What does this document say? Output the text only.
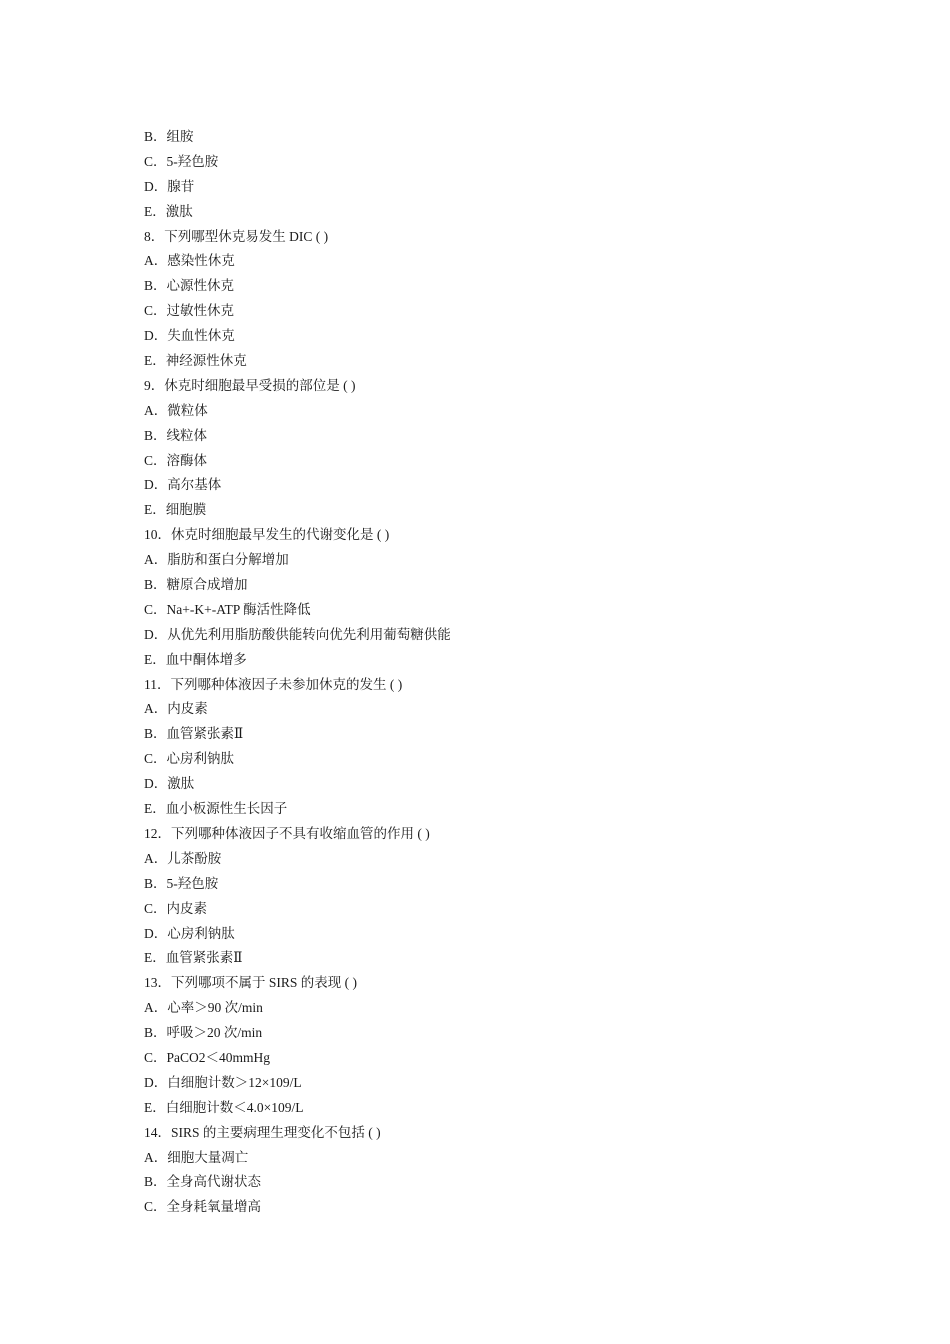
B．组胺
C．5-羟色胺
D．腺苷
E．激肽
8．下列哪型休克易发生 DIC ( )
A．感染性休克
B．心源性休克
C．过敏性休克
D．失血性休克
E．神经源性休克
9．休克时细胞最早受损的部位是 ( )
A．微粒体
B．线粒体
C．溶酶体
D．高尔基体
E．细胞膜
10．休克时细胞最早发生的代谢变化是 ( )
A．脂肪和蛋白分解增加
B．糖原合成增加
C．Na+-K+-ATP 酶活性降低
D．从优先利用脂肪酸供能转向优先利用葡萄糖供能
E．血中酮体增多
11．下列哪种体液因子未参加休克的发生 ( )
A．内皮素
B．血管紧张素Ⅱ
C．心房利钠肽
D．激肽
E．血小板源性生长因子
12．下列哪种体液因子不具有收缩血管的作用 ( )
A．儿茶酚胺
B．5-羟色胺
C．内皮素
D．心房利钠肽
E．血管紧张素Ⅱ
13．下列哪项不属于 SIRS 的表现 ( )
A．心率＞90 次/min
B．呼吸＞20 次/min
C．PaCO2＜40mmHg
D．白细胞计数＞12×109/L
E．白细胞计数＜4.0×109/L
14．SIRS 的主要病理生理变化不包括 ( )
A．细胞大量凋亡
B．全身高代谢状态
C．全身耗氧量增高
